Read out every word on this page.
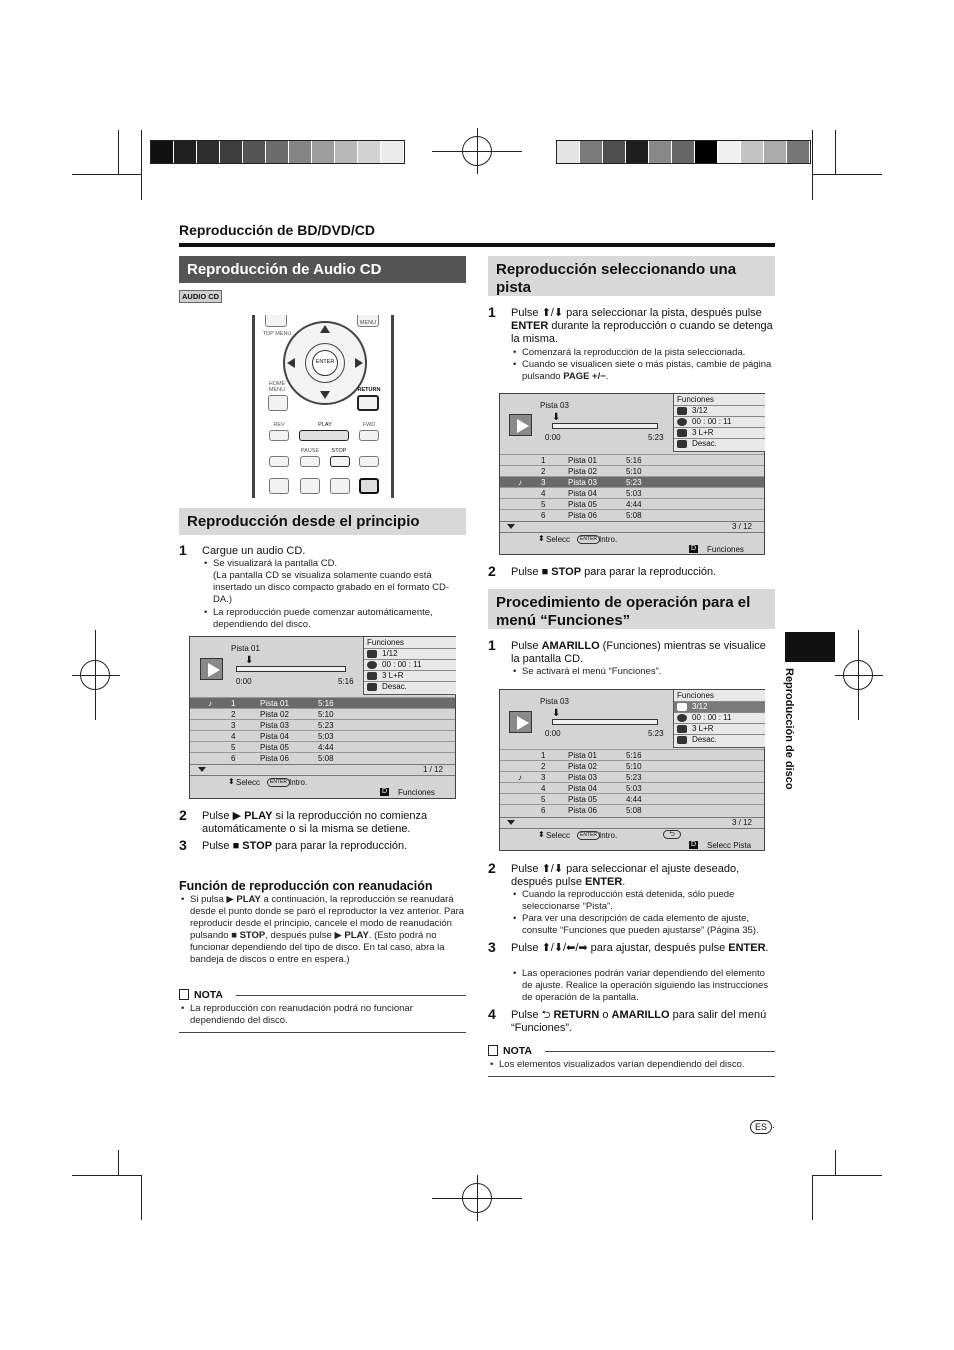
Reproducción de BD/DVD/CD
Reproducción de Audio CD
AUDIO CD
TOP MENU
MENU
ENTER
HOME MENU	RETURN
REV	PLAY	FWD
PAUSE	STOP
Reproducción desde el principio
1 Cargue un audio CD.
• Se visualizará la pantalla CD.
(La pantalla CD se visualiza solamente cuando está insertado un disco compacto grabado en el formato CD-DA.)
• La reproducción puede comenzar automáticamente, dependiendo del disco.
Pista 01
⬇
0:00	5:16
Funciones
1/12
00 : 00 : 11
3 L+R
Desac.
♪ 1	Pista 01	5:16
2	Pista 02	5:10
3	Pista 03	5:23
4	Pista 04	5:03
5	Pista 05	4:44
6	Pista 06	5:08
1 / 12
⬍ Selecc	ENTER Intro.
D Funciones
2 Pulse ▶ PLAY si la reproducción no comienza automáticamente o si la misma se detiene.
3 Pulse ■ STOP para parar la reproducción.
Función de reproducción con reanudación
• Si pulsa ▶ PLAY a continuación, la reproducción se reanudará desde el punto donde se paró el reproductor la vez anterior. Para reproducir desde el principio, cancele el modo de reanudación pulsando ■ STOP, después pulse ▶ PLAY. (Esto podrá no funcionar dependiendo del tipo de disco. En tal caso, abra la bandeja de discos o entre en espera.)
NOTA
• La reproducción con reanudación podrá no funcionar dependiendo del disco.
Reproducción seleccionando una pista
1 Pulse ⬆/⬇ para seleccionar la pista, después pulse ENTER durante la reproducción o cuando se detenga la misma.
• Comenzará la reproducción de la pista seleccionada.
• Cuando se visualicen siete o más pistas, cambie de página pulsando PAGE +/−.
Pista 03
⬇
0:00	5:23
Funciones
3/12
00 : 00 : 11
3 L+R
Desac.
1	Pista 01	5:16
2	Pista 02	5:10
♪ 3	Pista 03	5:23
4	Pista 04	5:03
5	Pista 05	4:44
6	Pista 06	5:08
3 / 12
⬍ Selecc	ENTER Intro.
D Funciones
2 Pulse ■ STOP para parar la reproducción.
Procedimiento de operación para el menú “Funciones”
1 Pulse AMARILLO (Funciones) mientras se visualice la pantalla CD.
• Se activará el menú “Funciones”.
Pista 03
⬇
0:00	5:23
Funciones
3/12
00 : 00 : 11
3 L+R
Desac.
1	Pista 01	5:16
2	Pista 02	5:10
♪ 3	Pista 03	5:23
4	Pista 04	5:03
5	Pista 05	4:44
6	Pista 06	5:08
3 / 12
⬍ Selecc	ENTER Intro.	⮌
D Selecc Pista
2 Pulse ⬆/⬇ para seleccionar el ajuste deseado, después pulse ENTER.
• Cuando la reproducción está detenida, sólo puede seleccionarse “Pista”.
• Para ver una descripción de cada elemento de ajuste, consulte “Funciones que pueden ajustarse” (Página 35).
3 Pulse ⬆/⬇/⬅/➡ para ajustar, después pulse ENTER.
• Las operaciones podrán variar dependiendo del elemento de ajuste. Realice la operación siguiendo las instrucciones de operación de la pantalla.
4 Pulse ⮌ RETURN o AMARILLO para salir del menú “Funciones”.
NOTA
• Los elementos visualizados varían dependiendo del disco.
Reproducción de disco
ES ·
